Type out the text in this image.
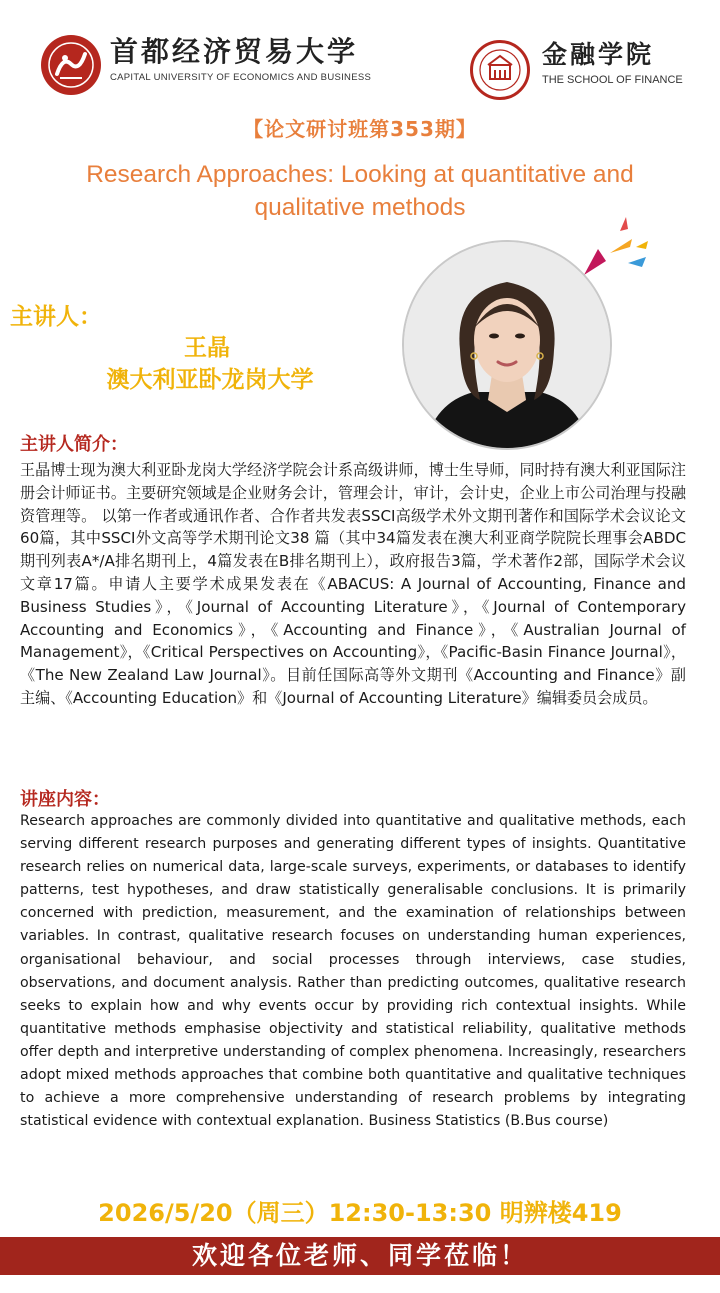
首都经济贸易大学
CAPITAL UNIVERSITY OF ECONOMICS AND BUSINESS
金融学院
THE SCHOOL OF FINANCE
【论文研讨班第353期】
Research Approaches: Looking at quantitative and qualitative methods
主讲人：
王晶
澳大利亚卧龙岗大学
主讲人简介：
王晶博士现为澳大利亚卧龙岗大学经济学院会计系高级讲师，博士生导师，同时持有澳大利亚国际注册会计师证书。主要研究领域是企业财务会计，管理会计，审计，会计史，企业上市公司治理与投融资管理等。 以第一作者或通讯作者、合作者共发表SSCI高级学术外文期刊著作和国际学术会议论文60篇，其中SSCI外文高等学术期刊论文38 篇（其中34篇发表在澳大利亚商学院院长理事会ABDC期刊列表A*/A排名期刊上，4篇发表在B排名期刊上），政府报告3篇，学术著作2部，国际学术会议文章17篇。申请人主要学术成果发表在《ABACUS: A Journal of Accounting, Finance and Business Studies》，《Journal of Accounting Literature》，《Journal of Contemporary Accounting and Economics》，《Accounting and Finance》，《Australian Journal of Management》，《Critical Perspectives on Accounting》，《Pacific-Basin Finance Journal》，《The New Zealand Law Journal》。目前任国际高等外文期刊《Accounting and Finance》副主编、《Accounting Education》和《Journal of Accounting Literature》编辑委员会成员。
讲座内容：
Research approaches are commonly divided into quantitative and qualitative methods, each serving different research purposes and generating different types of insights. Quantitative research relies on numerical data, large-scale surveys, experiments, or databases to identify patterns, test hypotheses, and draw statistically generalisable conclusions. It is primarily concerned with prediction, measurement, and the examination of relationships between variables. In contrast, qualitative research focuses on understanding human experiences, organisational behaviour, and social processes through interviews, case studies, observations, and document analysis. Rather than predicting outcomes, qualitative research seeks to explain how and why events occur by providing rich contextual insights. While quantitative methods emphasise objectivity and statistical reliability, qualitative methods offer depth and interpretive understanding of complex phenomena. Increasingly, researchers adopt mixed methods approaches that combine both quantitative and qualitative techniques to achieve a more comprehensive understanding of research problems by integrating statistical evidence with contextual explanation. Business Statistics (B.Bus course)
2026/5/20（周三）12:30-13:30 明辨楼419
欢迎各位老师、同学莅临！
